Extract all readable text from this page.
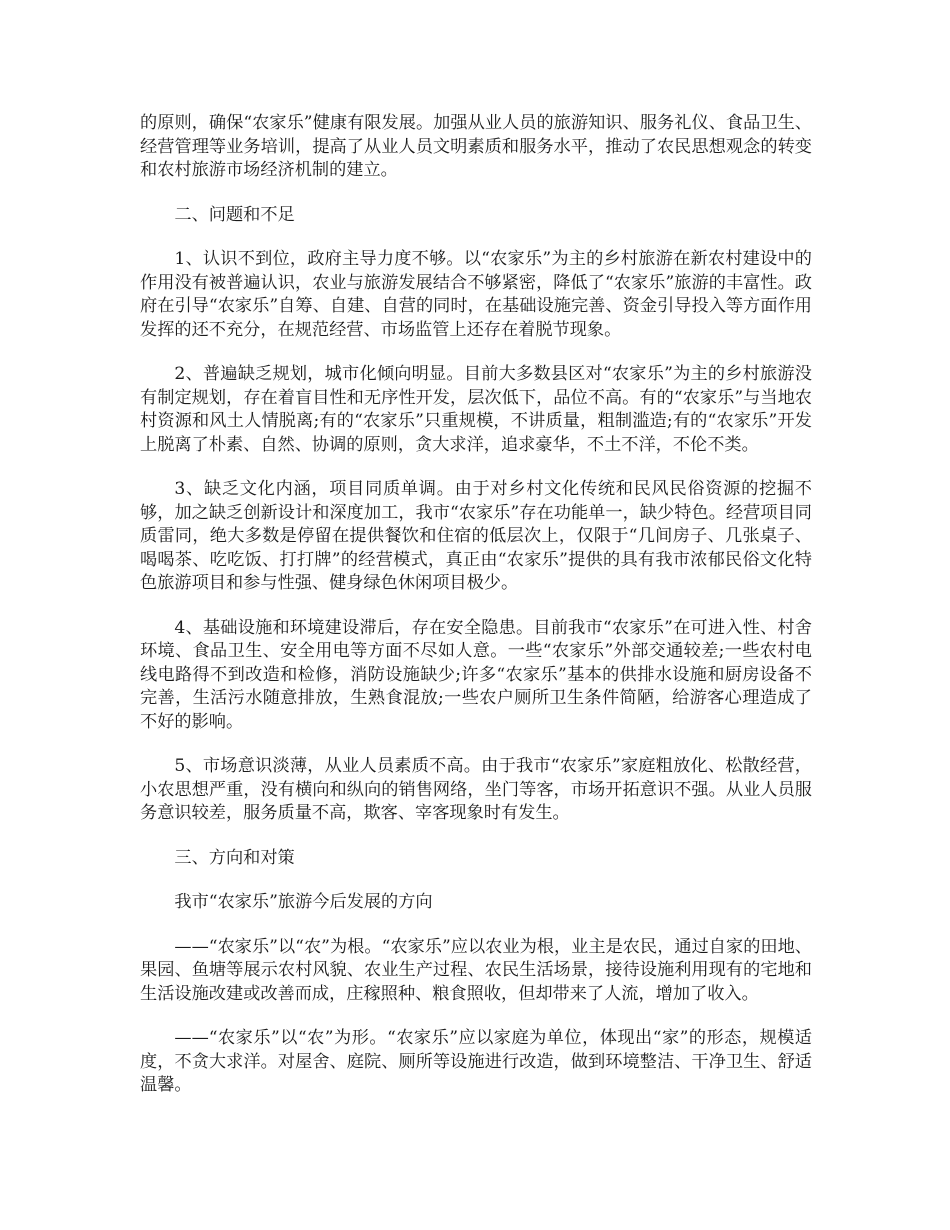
的原则，确保“农家乐”健康有限发展。加强从业人员的旅游知识、服务礼仪、食品卫生、经营管理等业务培训，提高了从业人员文明素质和服务水平，推动了农民思想观念的转变和农村旅游市场经济机制的建立。

二、问题和不足

1、认识不到位，政府主导力度不够。以“农家乐”为主的乡村旅游在新农村建设中的作用没有被普遍认识，农业与旅游发展结合不够紧密，降低了“农家乐”旅游的丰富性。政府在引导“农家乐”自筹、自建、自营的同时，在基础设施完善、资金引导投入等方面作用发挥的还不充分，在规范经营、市场监管上还存在着脱节现象。

2、普遍缺乏规划，城市化倾向明显。目前大多数县区对“农家乐”为主的乡村旅游没有制定规划，存在着盲目性和无序性开发，层次低下，品位不高。有的“农家乐”与当地农村资源和风土人情脱离;有的“农家乐”只重规模，不讲质量，粗制滥造;有的“农家乐”开发上脱离了朴素、自然、协调的原则，贪大求洋，追求豪华，不土不洋，不伦不类。

3、缺乏文化内涵，项目同质单调。由于对乡村文化传统和民风民俗资源的挖掘不够，加之缺乏创新设计和深度加工，我市“农家乐”存在功能单一，缺少特色。经营项目同质雷同，绝大多数是停留在提供餐饮和住宿的低层次上，仅限于“几间房子、几张桌子、喝喝茶、吃吃饭、打打牌”的经营模式，真正由“农家乐”提供的具有我市浓郁民俗文化特色旅游项目和参与性强、健身绿色休闲项目极少。

4、基础设施和环境建设滞后，存在安全隐患。目前我市“农家乐”在可进入性、村舍环境、食品卫生、安全用电等方面不尽如人意。一些“农家乐”外部交通较差;一些农村电线电路得不到改造和检修，消防设施缺少;许多“农家乐”基本的供排水设施和厨房设备不完善，生活污水随意排放，生熟食混放;一些农户厕所卫生条件简陋，给游客心理造成了不好的影响。

5、市场意识淡薄，从业人员素质不高。由于我市“农家乐”家庭粗放化、松散经营，小农思想严重，没有横向和纵向的销售网络，坐门等客，市场开拓意识不强。从业人员服务意识较差，服务质量不高，欺客、宰客现象时有发生。

三、方向和对策

我市“农家乐”旅游今后发展的方向

——“农家乐”以“农”为根。“农家乐”应以农业为根，业主是农民，通过自家的田地、果园、鱼塘等展示农村风貌、农业生产过程、农民生活场景，接待设施利用现有的宅地和生活设施改建或改善而成，庄稼照种、粮食照收，但却带来了人流，增加了收入。

——“农家乐”以“农”为形。“农家乐”应以家庭为单位，体现出“家”的形态，规模适度，不贪大求洋。对屋舍、庭院、厕所等设施进行改造，做到环境整洁、干净卫生、舒适温馨。
